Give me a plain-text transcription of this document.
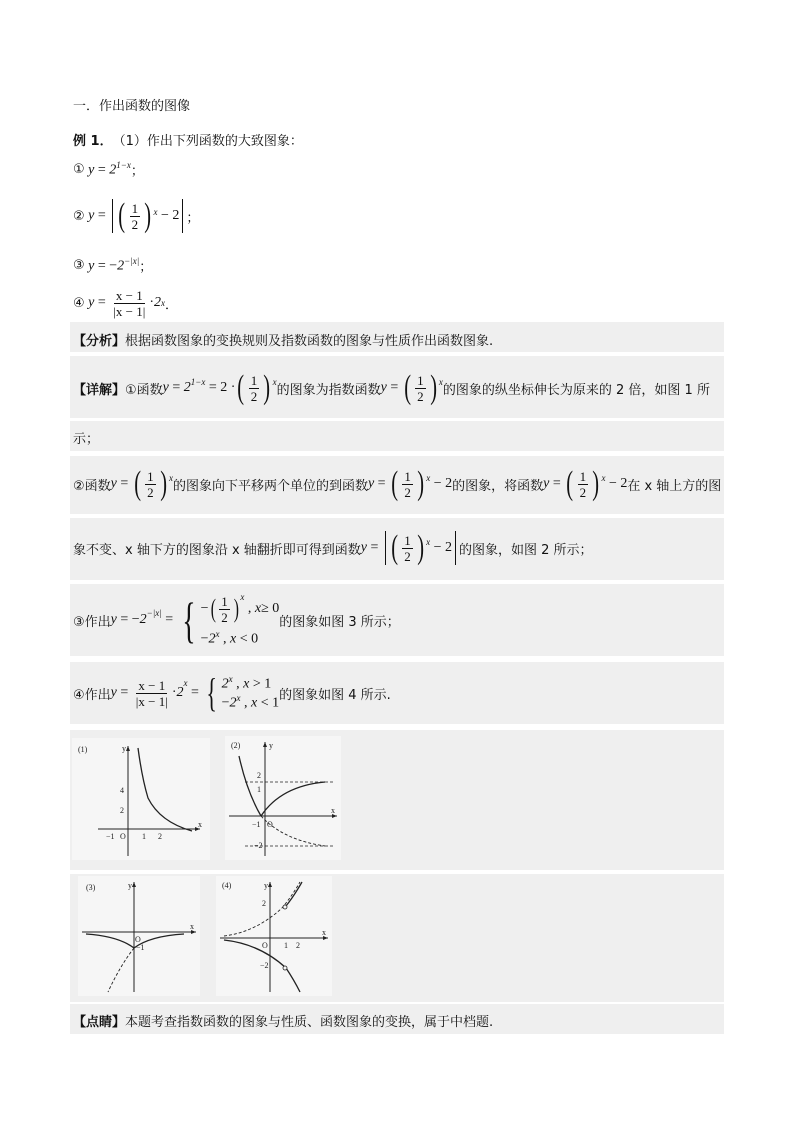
一．作出函数的图像
例 1． （1）作出下列函数的大致图象：
① $y = 2^{1-x}$ ；
② y = ( $\frac{1}{2}$ ) $^x$ − 2 ；
③ $y = -2^{-|x|}$ ；
④ $y = \frac{x - 1}{|x - 1|} \cdot 2$ x ．
【分析】 根据函数图象的变换规则及指数函数的图象与性质作出函数图象.
【详解】 ①函数 $y = 2^{1-x} = 2$ · ( $\frac{1}{2}$ ) $^x$
的图象为指数函数 y = ( $\frac{1}{2}$ ) $^x$
的图象的纵坐标伸长为原来的 2 倍，如图 1 所
示；
②函数 y = ( $\frac{1}{2}$ ) $^x$
的图象向下平移两个单位的到函数 y = ( $\frac{1}{2}$ ) $^x$ − 2 的图象，将函数 y = ( $\frac{1}{2}$ ) $^x$ − 2 在 x 轴上方的图
象不变、x 轴下方的图象沿 x 轴翻折即可得到函数 y = ( $\frac{1}{2}$ ) $^x$ − 2 的图象，如图 2 所示；
③作出 y = − $2^{-|x|}$ = { − ( $\frac{1}{2} )^x$
, x ≥ 0
$-2^x$ , x < 0
的图象如图 3 所示；
④作出 $y = \frac{x - 1}{|x - 1|} \cdot 2$
$^x$
= { 2$^x$ , x > 1
$-2^x$ , x < 1
的图象如图 4 所示.
(1)	y
x
O
−1	1 2
2
4
(2)	y
x
2
1
−2
−1 O
(3)	y
x
O
−1
(4)	y
x
2
−2
O 1 2
【点睛】 本题考查指数函数的图象与性质、函数图象的变换，属于中档题.
